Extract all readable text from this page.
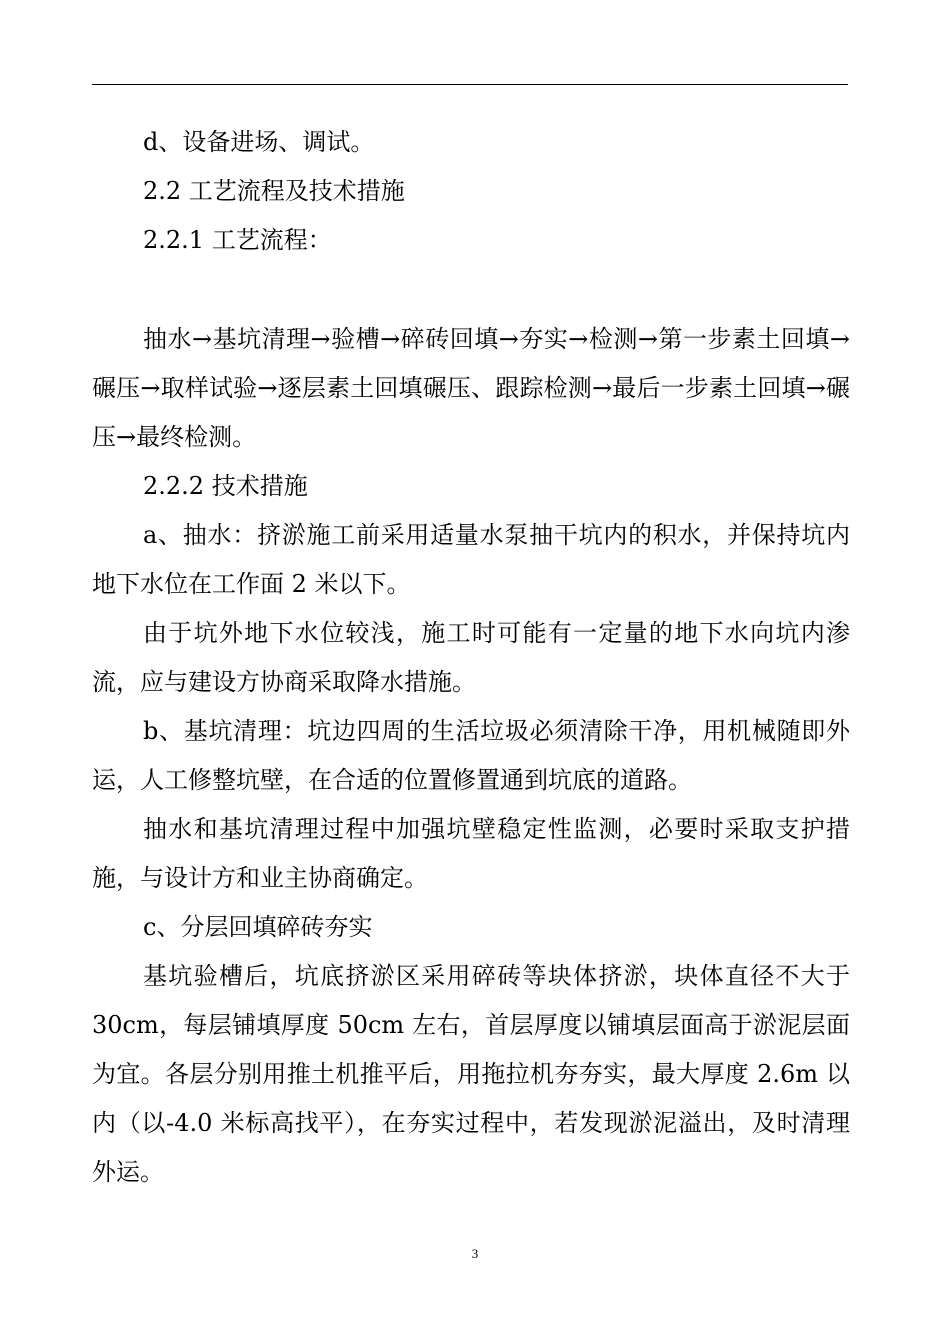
d、设备进场、调试。

2.2 工艺流程及技术措施

2.2.1 工艺流程：

抽水→基坑清理→验槽→碎砖回填→夯实→检测→第一步素土回填→碾压→取样试验→逐层素土回填碾压、跟踪检测→最后一步素土回填→碾压→最终检测。

2.2.2 技术措施

a、抽水：挤淤施工前采用适量水泵抽干坑内的积水，并保持坑内地下水位在工作面 2 米以下。

由于坑外地下水位较浅，施工时可能有一定量的地下水向坑内渗流，应与建设方协商采取降水措施。

b、基坑清理：坑边四周的生活垃圾必须清除干净，用机械随即外运，人工修整坑壁，在合适的位置修置通到坑底的道路。

抽水和基坑清理过程中加强坑壁稳定性监测，必要时采取支护措施，与设计方和业主协商确定。

c、分层回填碎砖夯实

基坑验槽后，坑底挤淤区采用碎砖等块体挤淤，块体直径不大于30cm，每层铺填厚度 50cm 左右，首层厚度以铺填层面高于淤泥层面为宜。各层分别用推土机推平后，用拖拉机夯夯实，最大厚度 2.6m 以内（以-4.0 米标高找平），在夯实过程中，若发现淤泥溢出，及时清理外运。

3
